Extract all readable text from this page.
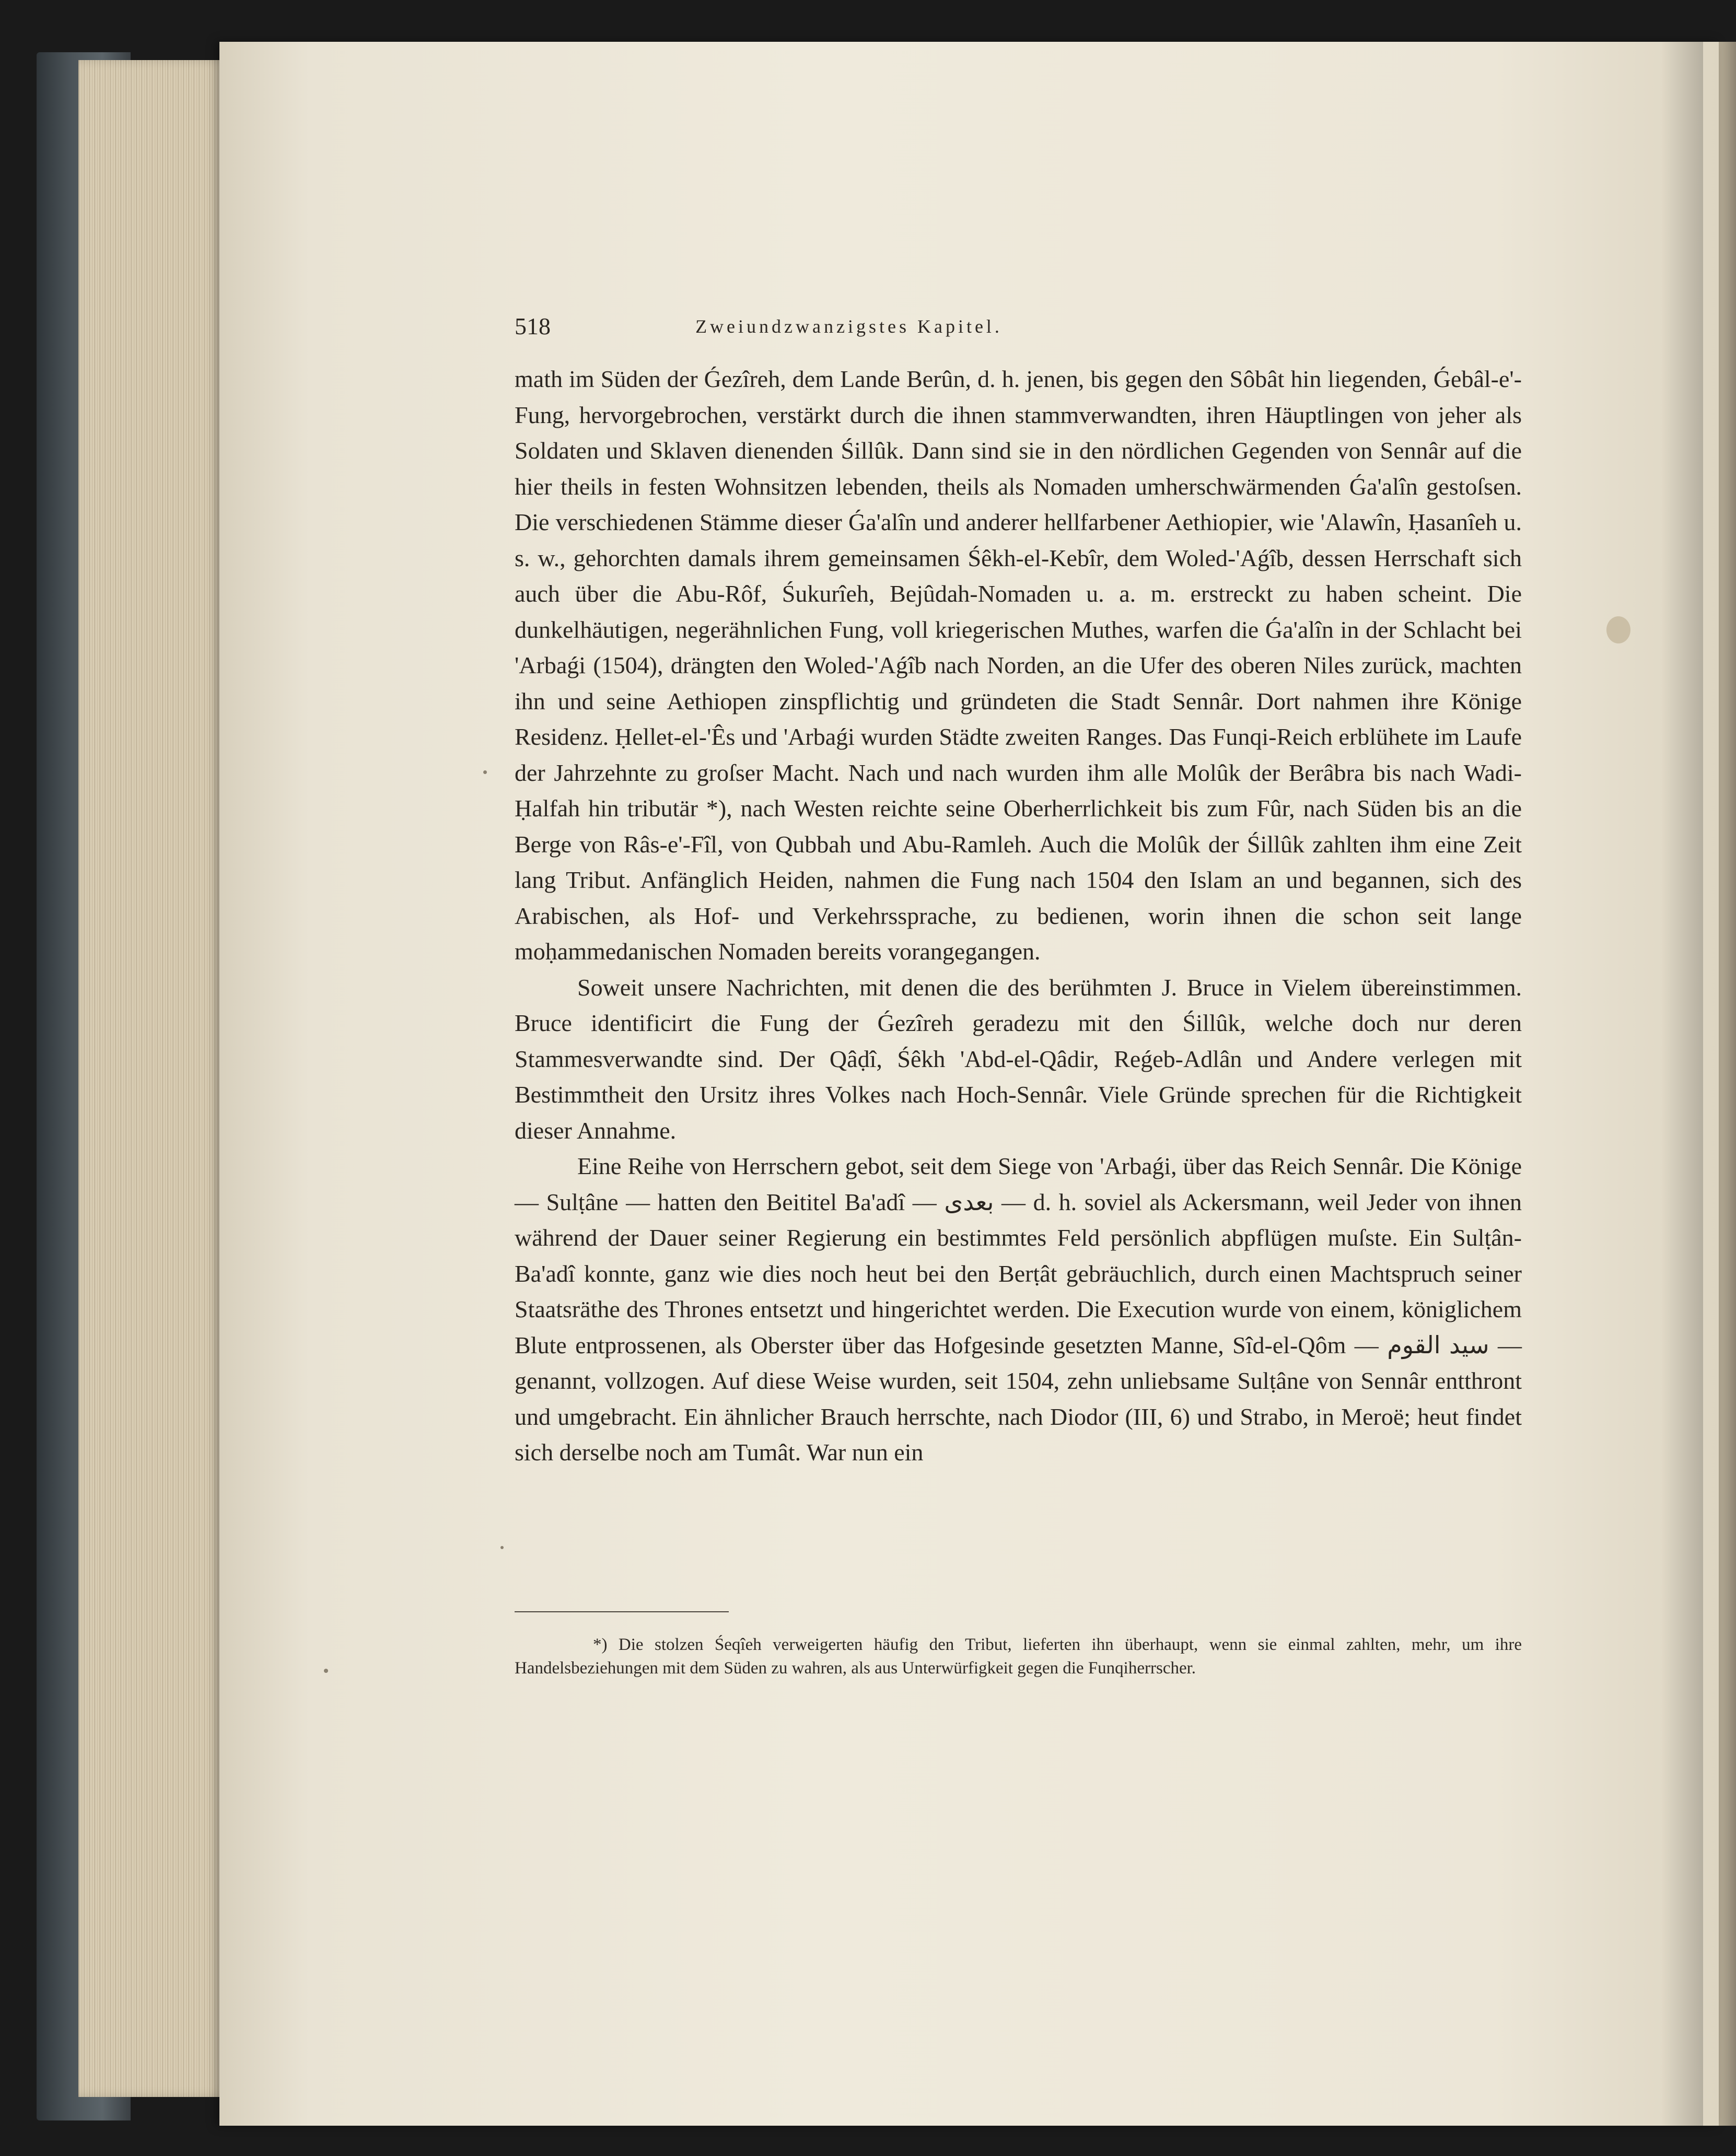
518	Zweiundzwanzigstes Kapitel.

math im Süden der Ǵezîreh, dem Lande Berûn, d. h. jenen, bis gegen den Sôbât hin liegenden, Ǵebâl-e'-Fung, hervorgebrochen, verstärkt durch die ihnen stammverwandten, ihren Häuptlingen von jeher als Soldaten und Sklaven dienenden Śillûk. Dann sind sie in den nördlichen Gegenden von Sennâr auf die hier theils in festen Wohnsitzen lebenden, theils als Nomaden umherschwärmenden Ǵa'alîn gestoſsen. Die verschiedenen Stämme dieser Ǵa'alîn und anderer hellfarbener Aethiopier, wie 'Alawîn, Ḥasanîeh u. s. w., gehorchten damals ihrem gemeinsamen Śêkh-el-Kebîr, dem Woled-'Aǵîb, dessen Herrschaft sich auch über die Abu-Rôf, Śukurîeh, Bejûdah-Nomaden u. a. m. erstreckt zu haben scheint. Die dunkelhäutigen, negerähnlichen Fung, voll kriegerischen Muthes, warfen die Ǵa'alîn in der Schlacht bei 'Arbaǵi (1504), drängten den Woled-'Aǵîb nach Norden, an die Ufer des oberen Niles zurück, machten ihn und seine Aethiopen zinspflichtig und gründeten die Stadt Sennâr. Dort nahmen ihre Könige Residenz. Ḥellet-el-'Ês und 'Arbaǵi wurden Städte zweiten Ranges. Das Funqi-Reich erblühete im Laufe der Jahrzehnte zu groſser Macht. Nach und nach wurden ihm alle Molûk der Berâbra bis nach Wadi-Ḥalfah hin tributär *), nach Westen reichte seine Oberherrlichkeit bis zum Fûr, nach Süden bis an die Berge von Râs-e'-Fîl, von Qubbah und Abu-Ramleh. Auch die Molûk der Śillûk zahlten ihm eine Zeit lang Tribut. Anfänglich Heiden, nahmen die Fung nach 1504 den Islam an und begannen, sich des Arabischen, als Hof- und Verkehrssprache, zu bedienen, worin ihnen die schon seit lange moḥammedanischen Nomaden bereits vorangegangen.

Soweit unsere Nachrichten, mit denen die des berühmten J. Bruce in Vielem übereinstimmen. Bruce identificirt die Fung der Ǵezîreh geradezu mit den Śillûk, welche doch nur deren Stammesverwandte sind. Der Qâḍî, Śêkh 'Abd-el-Qâdir, Reǵeb-Adlân und Andere verlegen mit Bestimmtheit den Ursitz ihres Volkes nach Hoch-Sennâr. Viele Gründe sprechen für die Richtigkeit dieser Annahme.

Eine Reihe von Herrschern gebot, seit dem Siege von 'Arbaǵi, über das Reich Sennâr. Die Könige — Sulṭâne — hatten den Beititel Ba'adî — بعدى — d. h. soviel als Ackersmann, weil Jeder von ihnen während der Dauer seiner Regierung ein bestimmtes Feld persönlich abpflügen muſste. Ein Sulṭân-Ba'adî konnte, ganz wie dies noch heut bei den Berṭât gebräuchlich, durch einen Machtspruch seiner Staatsräthe des Thrones entsetzt und hingerichtet werden. Die Execution wurde von einem, königlichem Blute entprossenen, als Oberster über das Hofgesinde gesetzten Manne, Sîd-el-Qôm — سيد القوم — genannt, vollzogen. Auf diese Weise wurden, seit 1504, zehn unliebsame Sulṭâne von Sennâr entthront und umgebracht. Ein ähnlicher Brauch herrschte, nach Diodor (III, 6) und Strabo, in Meroë; heut findet sich derselbe noch am Tumât. War nun ein

*) Die stolzen Śeqîeh verweigerten häufig den Tribut, lieferten ihn überhaupt, wenn sie einmal zahlten, mehr, um ihre Handelsbeziehungen mit dem Süden zu wahren, als aus Unterwürfigkeit gegen die Funqiherrscher.
